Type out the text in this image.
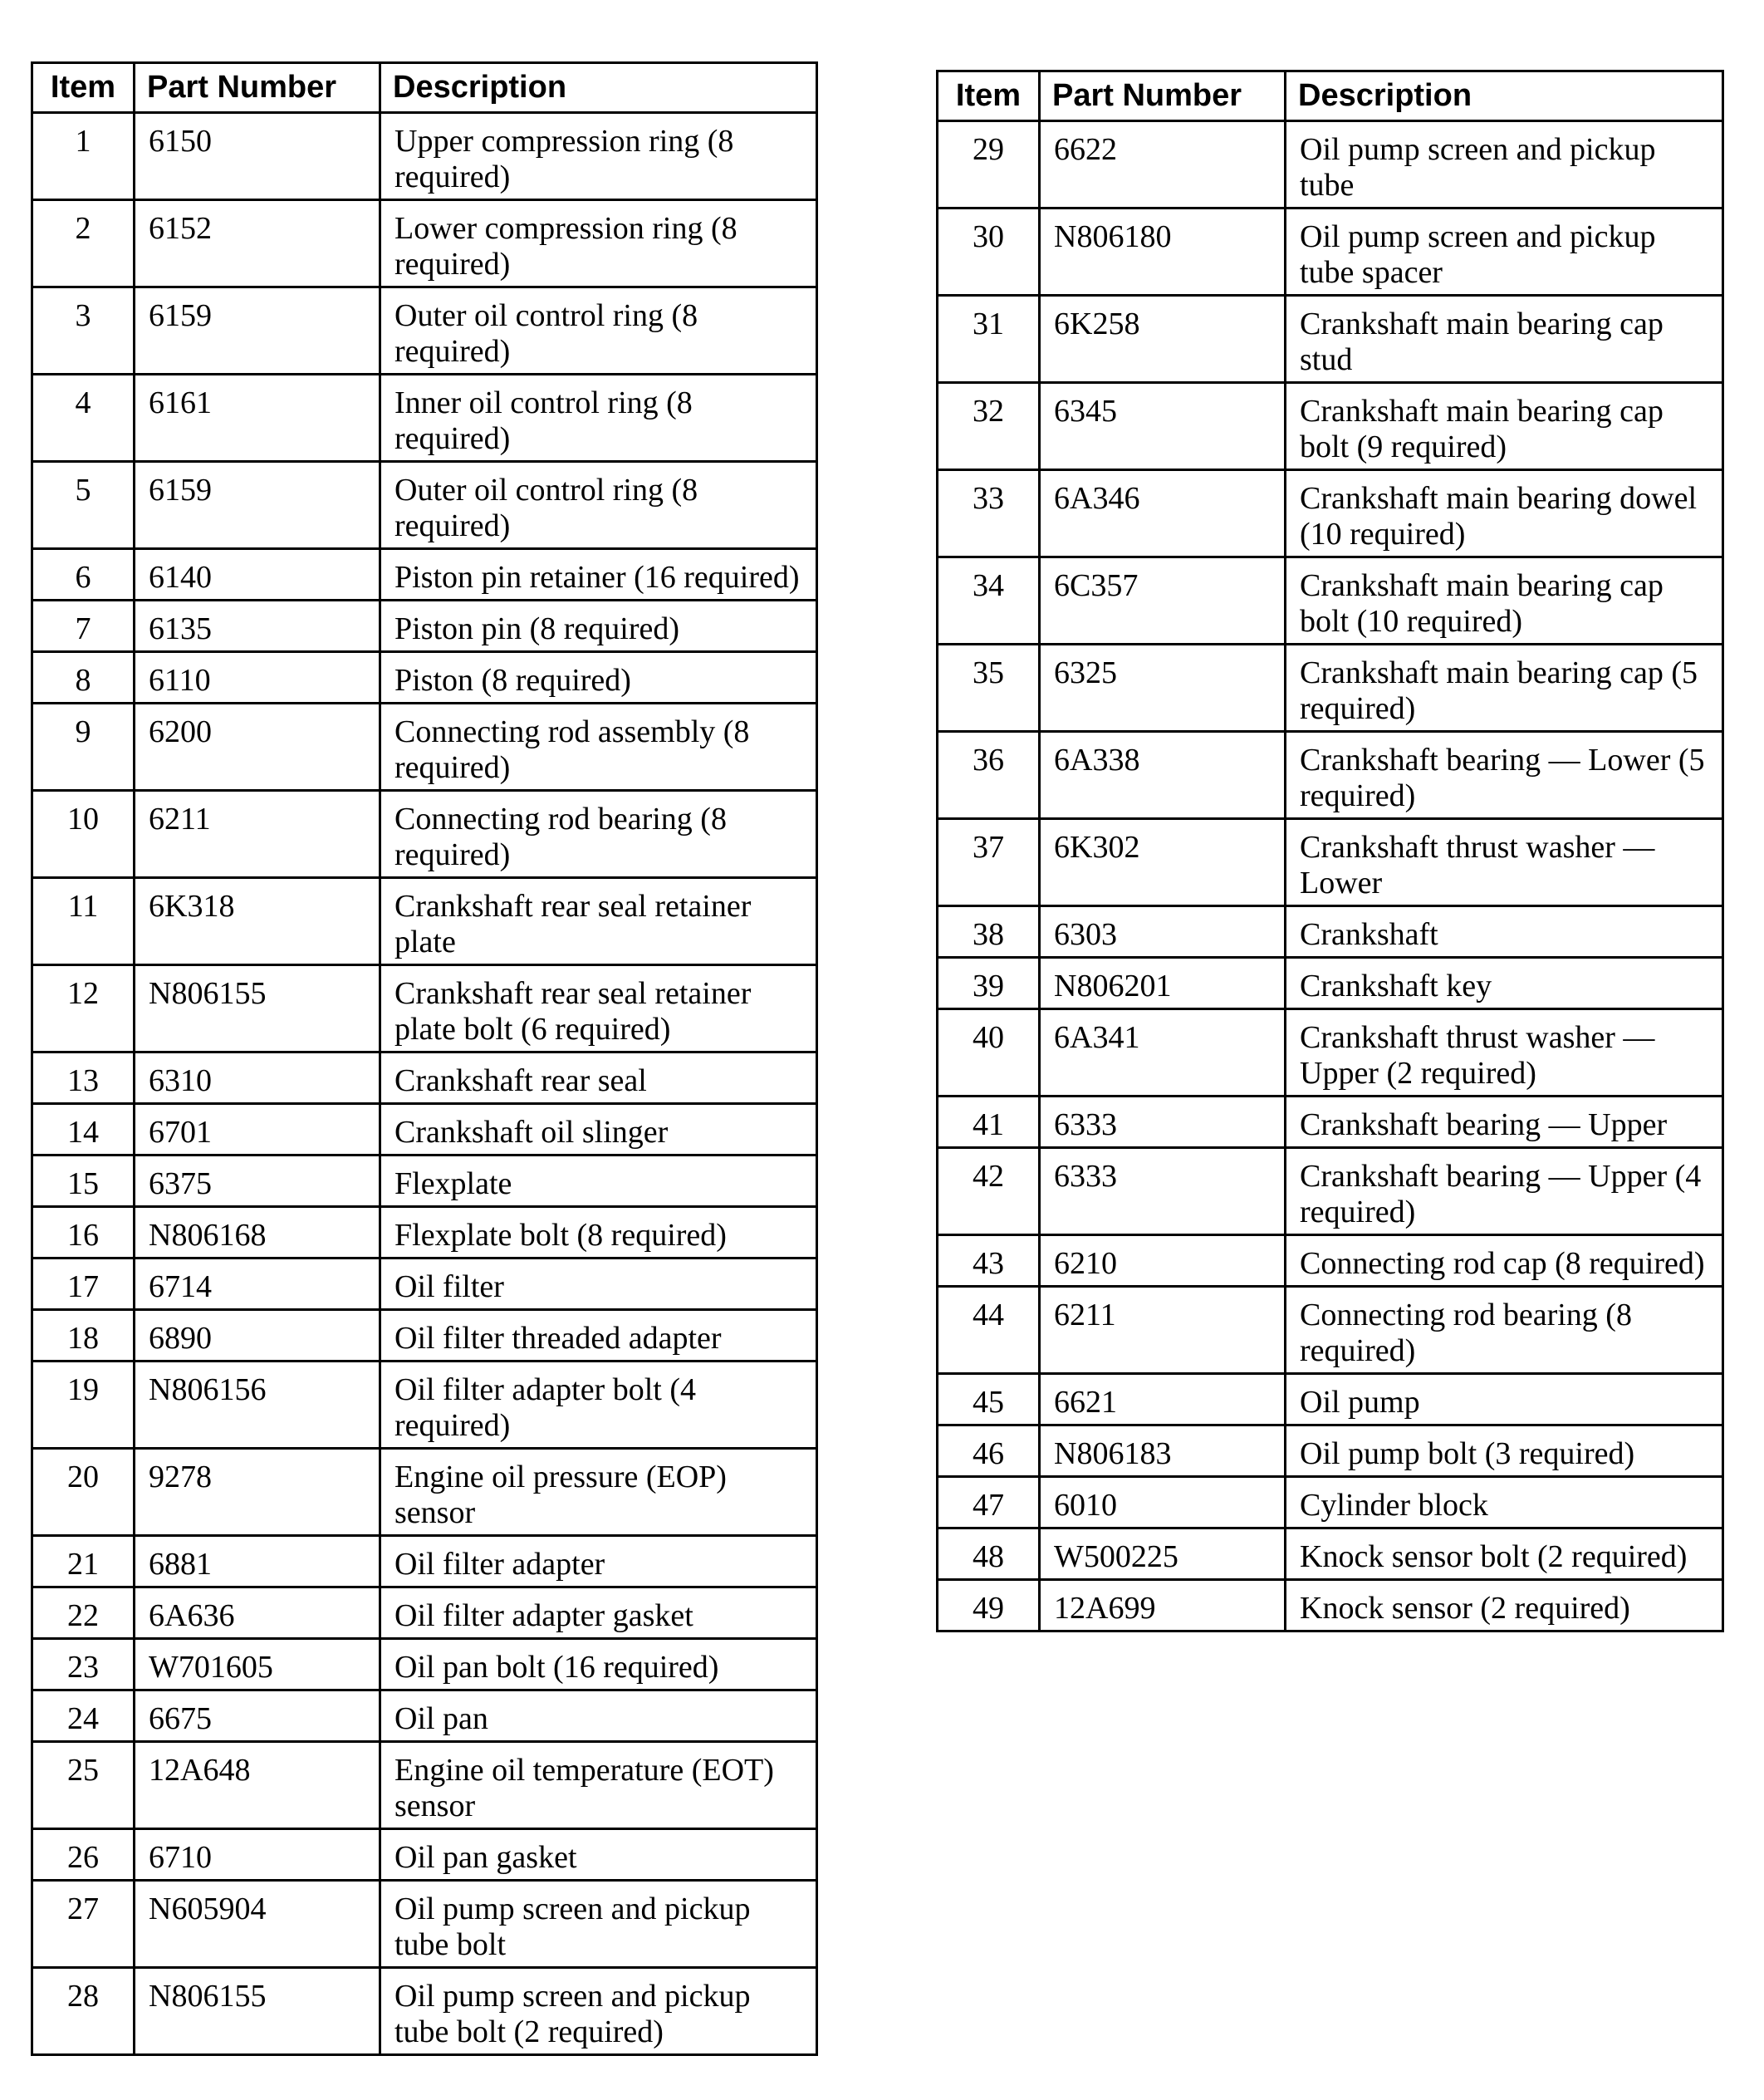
Item	Part Number	Description
1	6150	Upper compression ring (8 required)
2	6152	Lower compression ring (8 required)
3	6159	Outer oil control ring (8 required)
4	6161	Inner oil control ring (8 required)
5	6159	Outer oil control ring (8 required)
6	6140	Piston pin retainer (16 required)
7	6135	Piston pin (8 required)
8	6110	Piston (8 required)
9	6200	Connecting rod assembly (8 required)
10	6211	Connecting rod bearing (8 required)
11	6K318	Crankshaft rear seal retainer plate
12	N806155	Crankshaft rear seal retainer plate bolt (6 required)
13	6310	Crankshaft rear seal
14	6701	Crankshaft oil slinger
15	6375	Flexplate
16	N806168	Flexplate bolt (8 required)
17	6714	Oil filter
18	6890	Oil filter threaded adapter
19	N806156	Oil filter adapter bolt (4 required)
20	9278	Engine oil pressure (EOP) sensor
21	6881	Oil filter adapter
22	6A636	Oil filter adapter gasket
23	W701605	Oil pan bolt (16 required)
24	6675	Oil pan
25	12A648	Engine oil temperature (EOT) sensor
26	6710	Oil pan gasket
27	N605904	Oil pump screen and pickup tube bolt
28	N806155	Oil pump screen and pickup tube bolt (2 required)
Item	Part Number	Description
29	6622	Oil pump screen and pickup tube
30	N806180	Oil pump screen and pickup tube spacer
31	6K258	Crankshaft main bearing cap stud
32	6345	Crankshaft main bearing cap bolt (9 required)
33	6A346	Crankshaft main bearing dowel (10 required)
34	6C357	Crankshaft main bearing cap bolt (10 required)
35	6325	Crankshaft main bearing cap (5 required)
36	6A338	Crankshaft bearing — Lower (5 required)
37	6K302	Crankshaft thrust washer — Lower
38	6303	Crankshaft
39	N806201	Crankshaft key
40	6A341	Crankshaft thrust washer — Upper (2 required)
41	6333	Crankshaft bearing — Upper
42	6333	Crankshaft bearing — Upper (4 required)
43	6210	Connecting rod cap (8 required)
44	6211	Connecting rod bearing (8 required)
45	6621	Oil pump
46	N806183	Oil pump bolt (3 required)
47	6010	Cylinder block
48	W500225	Knock sensor bolt (2 required)
49	12A699	Knock sensor (2 required)
